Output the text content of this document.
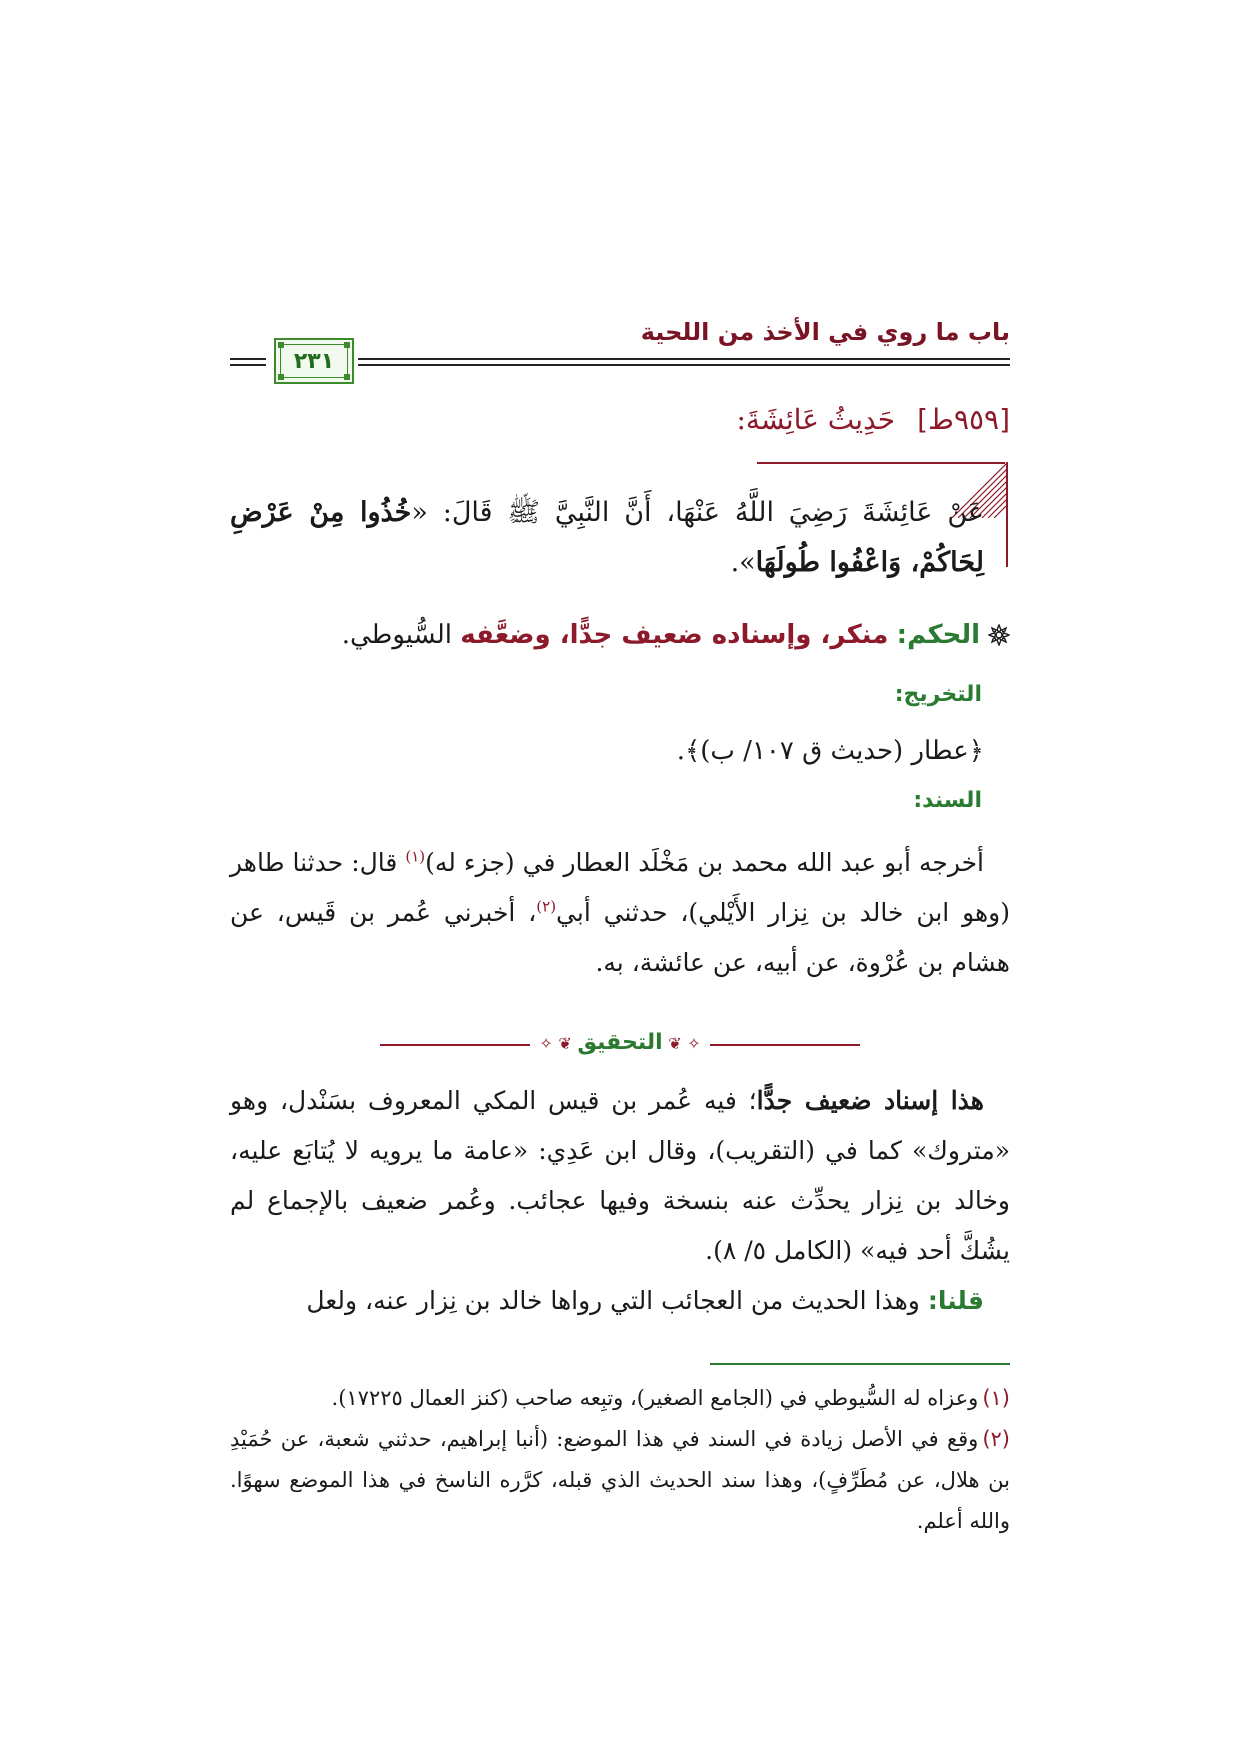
باب ما روي في الأخذ من اللحية
٢٣١
[٩٥٩ط]حَدِيثُ عَائِشَةَ:
عَنْ عَائِشَةَ رَضِيَ اللَّهُ عَنْهَا، أَنَّ النَّبِيَّ ﷺ قَالَ: «خُذُوا مِنْ عَرْضِ لِحَاكُمْ، وَاعْفُوا طُولَهَا».
الحكم: منكر، وإسناده ضعيف جدًّا، وضعَّفه السُّيوطي.
التخريج:
﴿عطار (حديث ق ١٠٧/ ب)﴾.
السند:
أخرجه أبو عبد الله محمد بن مَخْلَد العطار في (جزء له)$^{(١)}$ قال: حدثنا طاهر (وهو ابن خالد بن نِزار الأَيْلي)، حدثني أبي$^{(٢)}$، أخبرني عُمر بن قَيس، عن هشام بن عُرْوة، عن أبيه، عن عائشة، به.
✧ ❦ التحقيق ❦ ✧
هذا إسناد ضعيف جدًّا؛ فيه عُمر بن قيس المكي المعروف بسَنْدل، وهو «متروك» كما في (التقريب)، وقال ابن عَدِي: «عامة ما يرويه لا يُتابَع عليه، وخالد بن نِزار يحدِّث عنه بنسخة وفيها عجائب. وعُمر ضعيف بالإجماع لم يشُكَّ أحد فيه» (الكامل ٥/ ٨).
قلنا: وهذا الحديث من العجائب التي رواها خالد بن نِزار عنه، ولعل
(١)وعزاه له السُّيوطي في (الجامع الصغير)، وتبِعه صاحب (كنز العمال ١٧٢٢٥).
(٢)وقع في الأصل زيادة في السند في هذا الموضع: (أنبا إبراهيم، حدثني شعبة، عن حُمَيْدِ بن هلال، عن مُطَرِّفٍ)، وهذا سند الحديث الذي قبله، كرَّره الناسخ في هذا الموضع سهوًا. والله أعلم.
